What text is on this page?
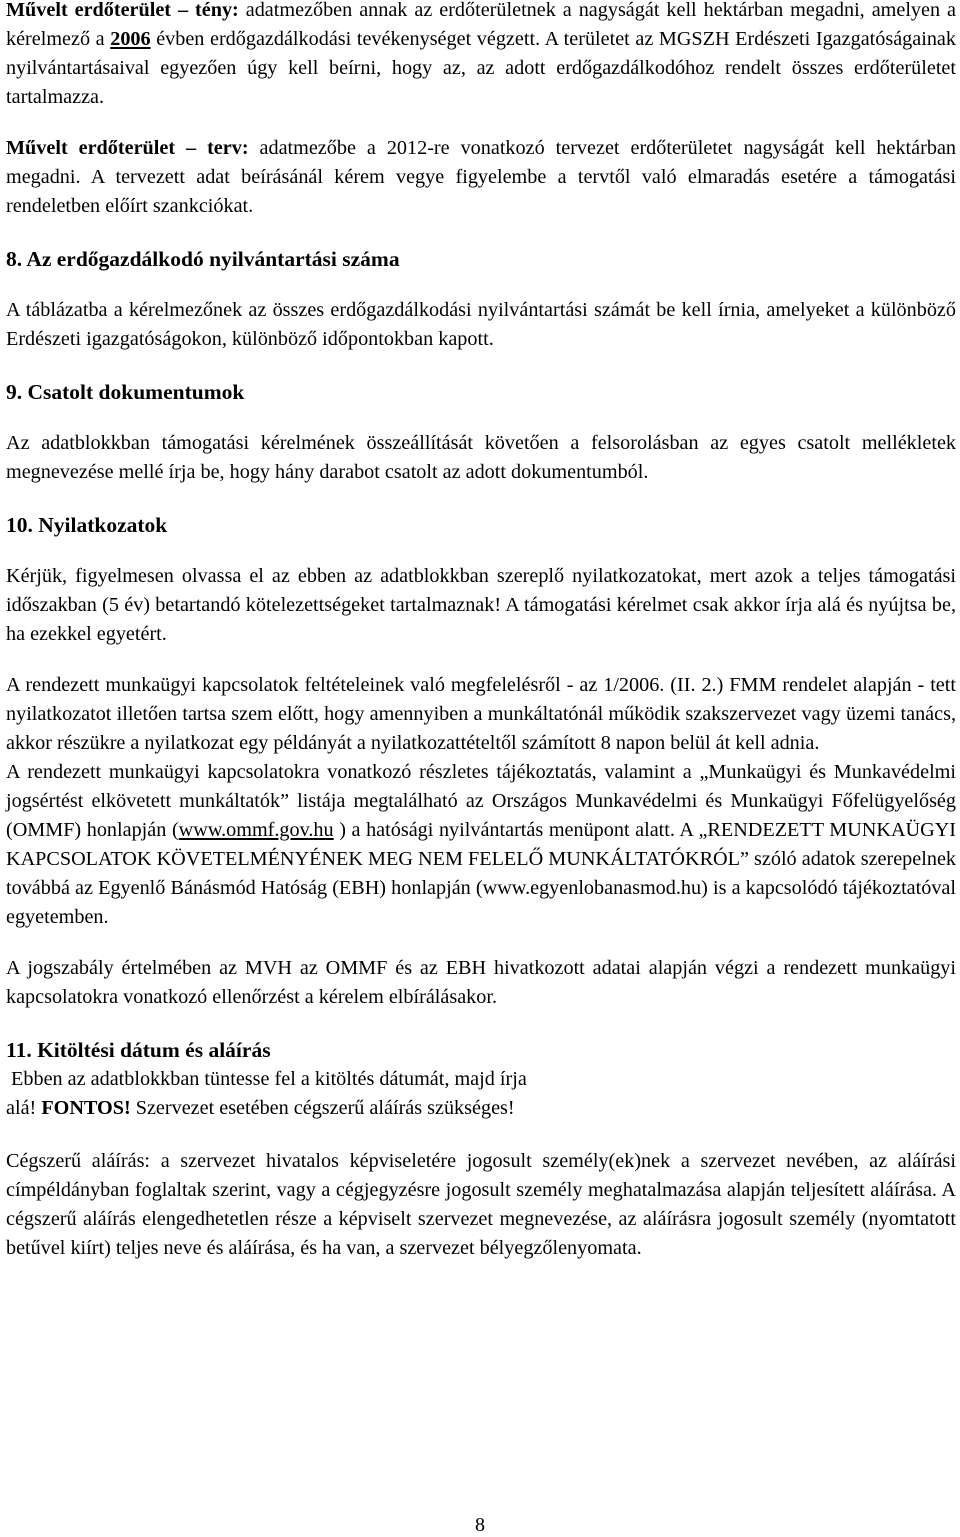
Művelt erdőterület – tény: adatmezőben annak az erdőterületnek a nagyságát kell hektárban megadni, amelyen a kérelmező a 2006 évben erdőgazdálkodási tevékenységet végzett. A területet az MGSZH Erdészeti Igazgatóságainak nyilvántartásaival egyezően úgy kell beírni, hogy az, az adott erdőgazdálkodóhoz rendelt összes erdőterületet tartalmazza.

Művelt erdőterület – terv: adatmezőbe a 2012-re vonatkozó tervezet erdőterületet nagyságát kell hektárban megadni. A tervezett adat beírásánál kérem vegye figyelembe a tervtől való elmaradás esetére a támogatási rendeletben előírt szankciókat.

8. Az erdőgazdálkodó nyilvántartási száma

A táblázatba a kérelmezőnek az összes erdőgazdálkodási nyilvántartási számát be kell írnia, amelyeket a különböző Erdészeti igazgatóságokon, különböző időpontokban kapott.

9. Csatolt dokumentumok

Az adatblokkban támogatási kérelmének összeállítását követően a felsorolásban az egyes csatolt mellékletek megnevezése mellé írja be, hogy hány darabot csatolt az adott dokumentumból.

10. Nyilatkozatok

Kérjük, figyelmesen olvassa el az ebben az adatblokkban szereplő nyilatkozatokat, mert azok a teljes támogatási időszakban (5 év) betartandó kötelezettségeket tartalmaznak! A támogatási kérelmet csak akkor írja alá és nyújtsa be, ha ezekkel egyetért.

A rendezett munkaügyi kapcsolatok feltételeinek való megfelelésről - az 1/2006. (II. 2.) FMM rendelet alapján - tett nyilatkozatot illetően tartsa szem előtt, hogy amennyiben a munkáltatónál működik szakszervezet vagy üzemi tanács, akkor részükre a nyilatkozat egy példányát a nyilatkozattételtől számított 8 napon belül át kell adnia.

A rendezett munkaügyi kapcsolatokra vonatkozó részletes tájékoztatás, valamint a „Munkaügyi és Munkavédelmi jogsértést elkövetett munkáltatók” listája megtalálható az Országos Munkavédelmi és Munkaügyi Főfelügyelőség (OMMF) honlapján (www.ommf.gov.hu ) a hatósági nyilvántartás menüpont alatt. A „RENDEZETT MUNKAÜGYI KAPCSOLATOK KÖVETELMÉNYÉNEK MEG NEM FELELŐ MUNKÁLTATÓKRÓL” szóló adatok szerepelnek továbbá az Egyenlő Bánásmód Hatóság (EBH) honlapján (www.egyenlobanasmod.hu) is a kapcsolódó tájékoztatóval egyetemben.

A jogszabály értelmében az MVH az OMMF és az EBH hivatkozott adatai alapján végzi a rendezett munkaügyi kapcsolatokra vonatkozó ellenőrzést a kérelem elbírálásakor.

11. Kitöltési dátum és aláírás

Ebben az adatblokkban tüntesse fel a kitöltés dátumát, majd írja

alá! FONTOS! Szervezet esetében cégszerű aláírás szükséges!

Cégszerű aláírás: a szervezet hivatalos képviseletére jogosult személy(ek)nek a szervezet nevében, az aláírási címpéldányban foglaltak szerint, vagy a cégjegyzésre jogosult személy meghatalmazása alapján teljesített aláírása. A cégszerű aláírás elengedhetetlen része a képviselt szervezet megnevezése, az aláírásra jogosult személy (nyomtatott betűvel kiírt) teljes neve és aláírása, és ha van, a szervezet bélyegzőlenyomata.

8
